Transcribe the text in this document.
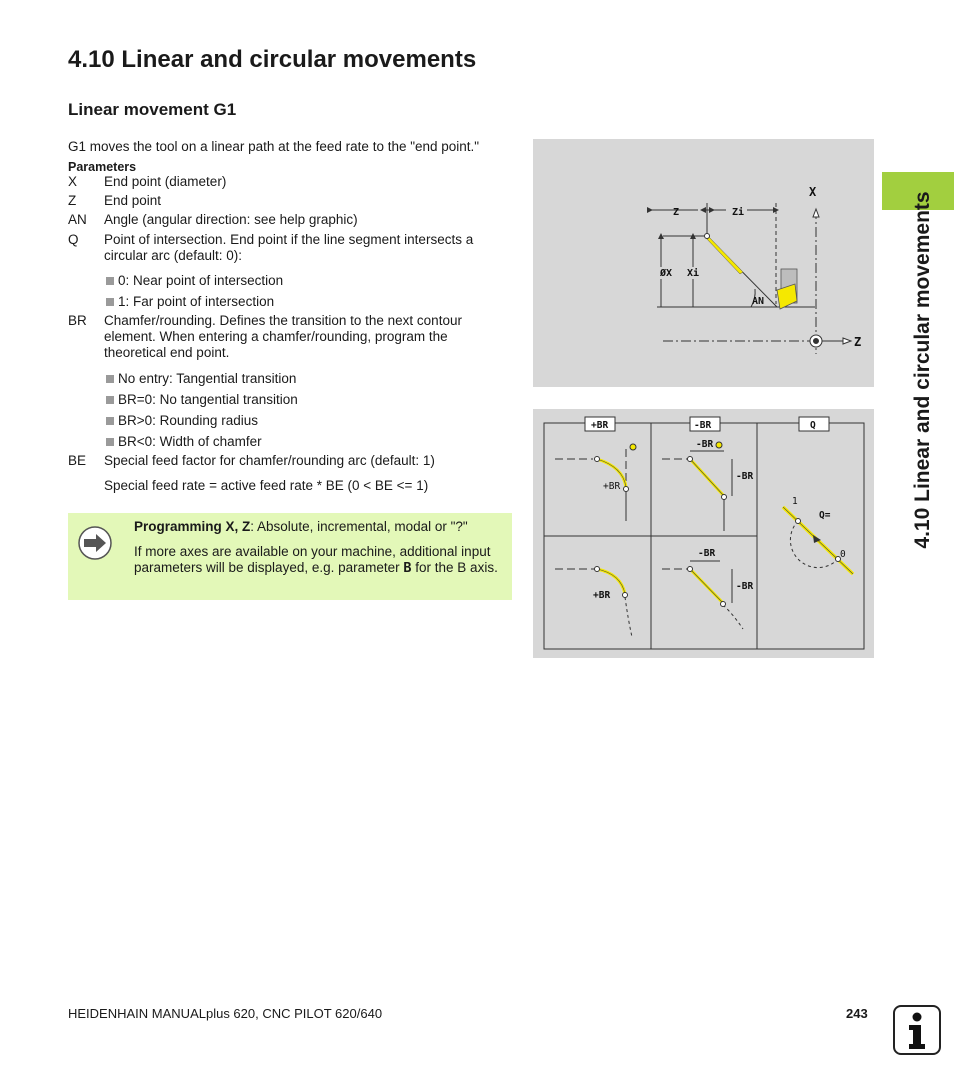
4.10 Linear and circular movements
Linear movement G1
G1 moves the tool on a linear path at the feed rate to the "end point."
Parameters
X	End point (diameter)
Z	End point
AN	Angle (angular direction: see help graphic)
Q	Point of intersection. End point if the line segment intersects a circular arc (default: 0):
0: Near point of intersection
1: Far point of intersection
BR	Chamfer/rounding. Defines the transition to the next contour element. When entering a chamfer/rounding, program the theoretical end point.
No entry: Tangential transition
BR=0: No tangential transition
BR>0: Rounding radius
BR<0: Width of chamfer
BE	Special feed factor for chamfer/rounding arc (default: 1)
Special feed rate = active feed rate * BE (0 < BE <= 1)
Programming X, Z: Absolute, incremental, modal or "?"
If more axes are available on your machine, additional input parameters will be displayed, e.g. parameter B for the B axis.
X
Z
Z	Zi
ØX Xi
AN
+BR	-BR	Q
+BR
-BR
-BR
+BR
-BR
-BR
1
Q=
0
4.10 Linear and circular movements
HEIDENHAIN MANUALplus 620, CNC PILOT 620/640	243
